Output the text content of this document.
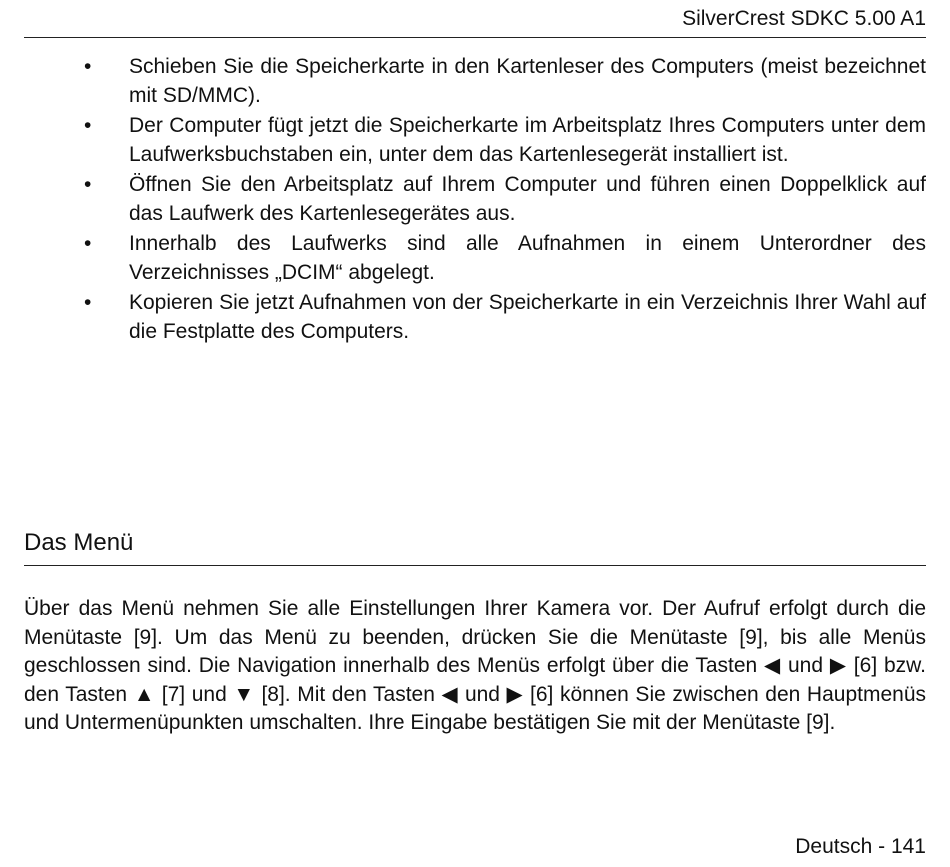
SilverCrest SDKC 5.00 A1
•	Schieben Sie die Speicherkarte in den Kartenleser des Computers (meist bezeichnet mit SD/MMC).
•	Der Computer fügt jetzt die Speicherkarte im Arbeitsplatz Ihres Computers unter dem Laufwerksbuchstaben ein, unter dem das Kartenlesegerät installiert ist.
•	Öffnen Sie den Arbeitsplatz auf Ihrem Computer und führen einen Doppelklick auf das Laufwerk des Kartenlesegerätes aus.
•	Innerhalb des Laufwerks sind alle Aufnahmen in einem Unterordner des Verzeichnisses „DCIM“ abgelegt.
•	Kopieren Sie jetzt Aufnahmen von der Speicherkarte in ein Verzeichnis Ihrer Wahl auf die Festplatte des Computers.
Das Menü

Über das Menü nehmen Sie alle Einstellungen Ihrer Kamera vor. Der Aufruf erfolgt durch die Menütaste [9]. Um das Menü zu beenden, drücken Sie die Menütaste [9], bis alle Menüs geschlossen sind. Die Navigation innerhalb des Menüs erfolgt über die Tasten ◀ und ▶ [6] bzw. den Tasten ▲ [7] und ▼ [8]. Mit den Tasten ◀ und ▶ [6] können Sie zwischen den Hauptmenüs und Untermenüpunkten umschalten. Ihre Eingabe bestätigen Sie mit der Menütaste [9].

Deutsch - 141
